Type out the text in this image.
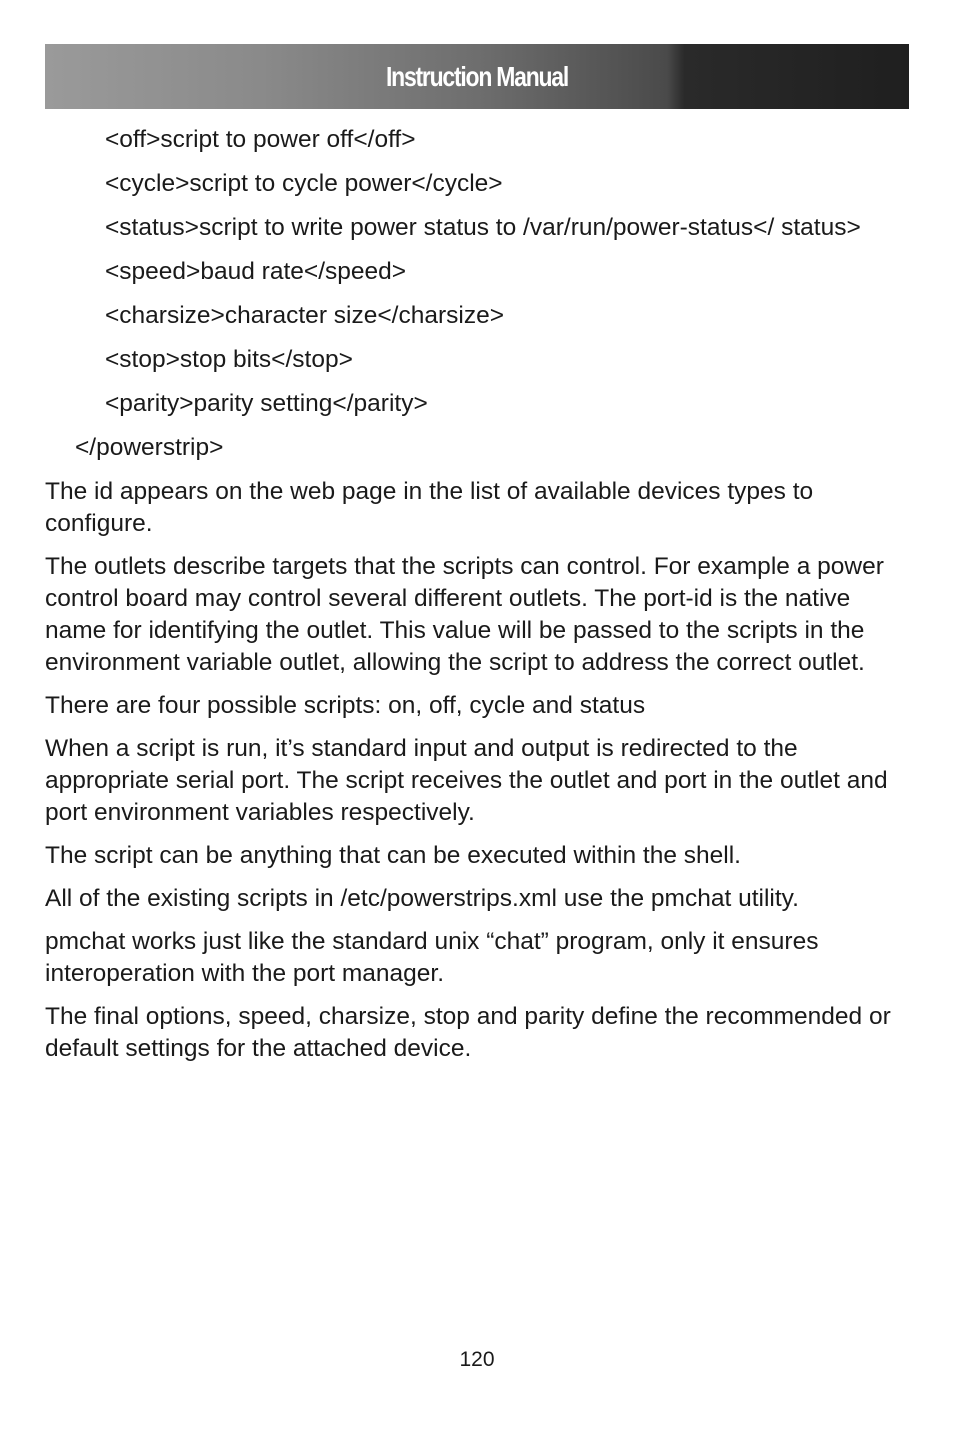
Instruction Manual
<off>script to power off</off>
<cycle>script to cycle power</cycle>
<status>script to write power status to /var/run/power-status</ status>
<speed>baud rate</speed>
<charsize>character size</charsize>
<stop>stop bits</stop>
<parity>parity setting</parity>
</powerstrip>

The id appears on the web page in the list of available devices types to configure.

The outlets describe targets that the scripts can control. For example a power control board may control several different outlets. The port-id is the native name for identifying the outlet. This value will be passed to the scripts in the environment variable outlet, allowing the script to address the correct outlet.

There are four possible scripts: on, off, cycle and status

When a script is run, it’s standard input and output is redirected to the appropriate serial port. The script receives the outlet and port in the outlet and port environment variables respectively.

The script can be anything that can be executed within the shell.

All of the existing scripts in /etc/powerstrips.xml use the pmchat utility.

pmchat works just like the standard unix “chat” program, only it ensures interoperation with the port manager.

The final options, speed, charsize, stop and parity define the recommended or default settings for the attached device.

120
